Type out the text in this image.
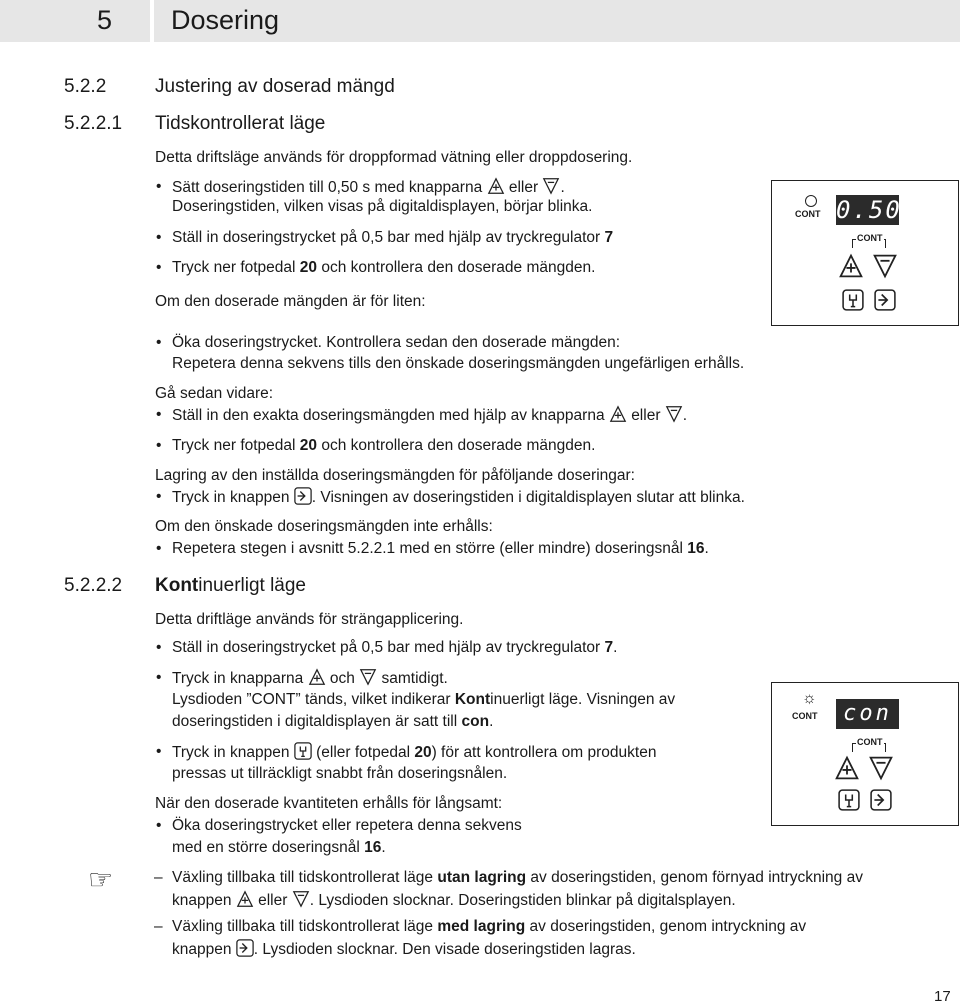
5 Dosering
5.2.2	Justering av doserad mängd
5.2.2.1 Tidskontrollerat läge
Detta driftsläge används för droppformad vätning eller droppdosering.
• Sätt doseringstiden till 0,50 s med knapparna eller .
Doseringstiden, vilken visas på digitaldisplayen, börjar blinka.
• Ställ in doseringstrycket på 0,5 bar med hjälp av tryckregulator 7
• Tryck ner fotpedal 20 och kontrollera den doserade mängden.
Om den doserade mängden är för liten:
• Öka doseringstrycket. Kontrollera sedan den doserade mängden:
Repetera denna sekvens tills den önskade doseringsmängden ungefärligen erhålls.
Gå sedan vidare:
• Ställ in den exakta doseringsmängden med hjälp av knapparna eller .
• Tryck ner fotpedal 20 och kontrollera den doserade mängden.
Lagring av den inställda doseringsmängden för påföljande doseringar:
• Tryck in knappen . Visningen av doseringstiden i digitaldisplayen slutar att blinka.
Om den önskade doseringsmängden inte erhålls:
• Repetera stegen i avsnitt 5.2.2.1 med en större (eller mindre) doseringsnål 16.
5.2.2.2 Kontinuerligt läge
Detta driftläge används för strängapplicering.
• Ställ in doseringstrycket på 0,5 bar med hjälp av tryckregulator 7.
• Tryck in knapparna och samtidigt.
Lysdioden ”CONT” tänds, vilket indikerar Kontinuerligt läge. Visningen av
doseringstiden i digitaldisplayen är satt till con.
• Tryck in knappen (eller fotpedal 20) för att kontrollera om produkten
pressas ut tillräckligt snabbt från doseringsnålen.
När den doserade kvantiteten erhålls för långsamt:
• Öka doseringstrycket eller repetera denna sekvens
med en större doseringsnål 16.
☞
–	Växling tillbaka till tidskontrollerat läge utan lagring av doseringstiden, genom förnyad intryckning av
knappen eller . Lysdioden slocknar. Doseringstiden blinkar på digitalsplayen.
– Växling tillbaka till tidskontrollerat läge med lagring av doseringstiden, genom intryckning av
knappen . Lysdioden slocknar. Den visade doseringstiden lagras.
CONT 0.50
CONT
☼
CONT	con
CONT
17
